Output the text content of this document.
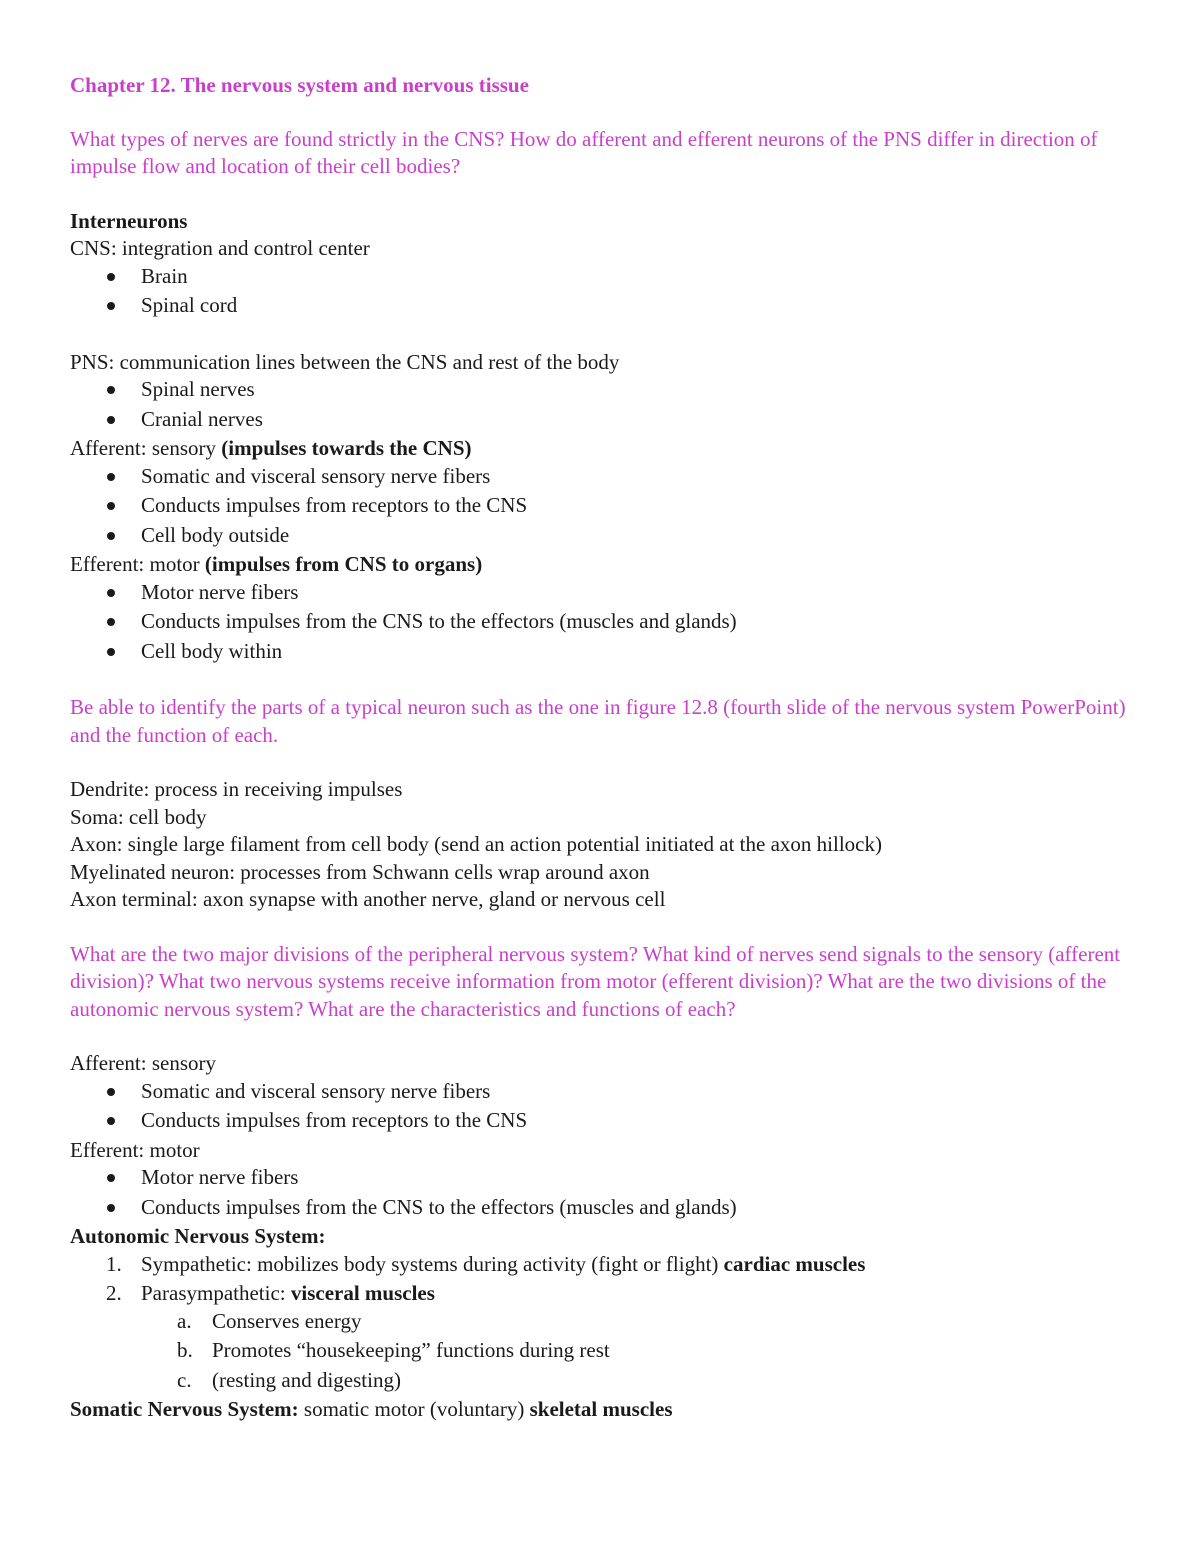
Chapter 12. The nervous system and nervous tissue

What types of nerves are found strictly in the CNS? How do afferent and efferent neurons of the PNS differ in direction of impulse flow and location of their cell bodies?

Interneurons

CNS: integration and control center

Brain
Spinal cord

PNS: communication lines between the CNS and rest of the body

Spinal nerves
Cranial nerves

Afferent: sensory (impulses towards the CNS)

Somatic and visceral sensory nerve fibers
Conducts impulses from receptors to the CNS
Cell body outside

Efferent: motor (impulses from CNS to organs)

Motor nerve fibers
Conducts impulses from the CNS to the effectors (muscles and glands)
Cell body within

Be able to identify the parts of a typical neuron such as the one in figure 12.8 (fourth slide of the nervous system PowerPoint) and the function of each.

Dendrite: process in receiving impulses

Soma: cell body

Axon: single large filament from cell body (send an action potential initiated at the axon hillock)

Myelinated neuron: processes from Schwann cells wrap around axon

Axon terminal: axon synapse with another nerve, gland or nervous cell

What are the two major divisions of the peripheral nervous system? What kind of nerves send signals to the sensory (afferent division)? What two nervous systems receive information from motor (efferent division)? What are the two divisions of the autonomic nervous system? What are the characteristics and functions of each?

Afferent: sensory

Somatic and visceral sensory nerve fibers
Conducts impulses from receptors to the CNS

Efferent: motor

Motor nerve fibers
Conducts impulses from the CNS to the effectors (muscles and glands)

Autonomic Nervous System:

1. Sympathetic: mobilizes body systems during activity (fight or flight) cardiac muscles
2. Parasympathetic: visceral muscles
a. Conserves energy
b. Promotes “housekeeping” functions during rest
c. (resting and digesting)

Somatic Nervous System: somatic motor (voluntary) skeletal muscles
